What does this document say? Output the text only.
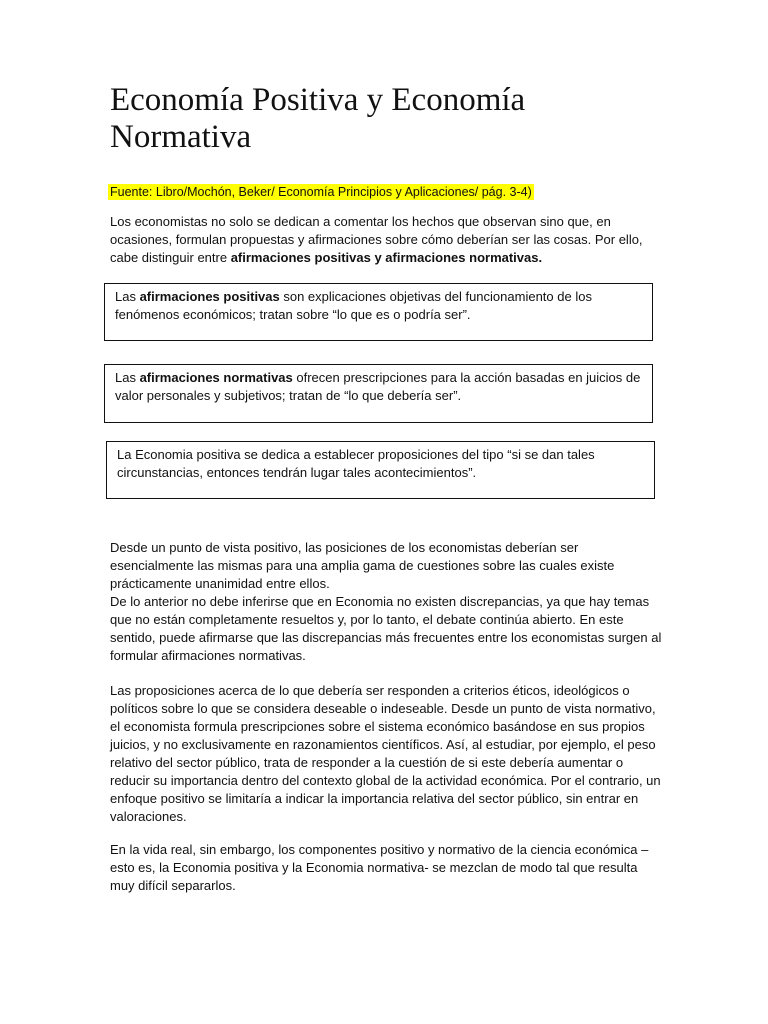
Economía Positiva y Economía Normativa
Fuente: Libro/Mochón, Beker/ Economía Principios y Aplicaciones/ pág. 3-4)

Los economistas no solo se dedican a comentar los hechos que observan sino que, en ocasiones, formulan propuestas y afirmaciones sobre cómo deberían ser las cosas. Por ello, cabe distinguir entre afirmaciones positivas y afirmaciones normativas.

Las afirmaciones positivas son explicaciones objetivas del funcionamiento de los fenómenos económicos; tratan sobre “lo que es o podría ser”.
Las afirmaciones normativas ofrecen prescripciones para la acción basadas en juicios de valor personales y subjetivos; tratan de “lo que debería ser”.
La Economia positiva se dedica a establecer proposiciones del tipo “si se dan tales circunstancias, entonces tendrán lugar tales acontecimientos”.
Desde un punto de vista positivo, las posiciones de los economistas deberían ser esencialmente las mismas para una amplia gama de cuestiones sobre las cuales existe prácticamente unanimidad entre ellos.
De lo anterior no debe inferirse que en Economia no existen discrepancias, ya que hay temas que no están completamente resueltos y, por lo tanto, el debate continúa abierto. En este sentido, puede afirmarse que las discrepancias más frecuentes entre los economistas surgen al formular afirmaciones normativas.

Las proposiciones acerca de lo que debería ser responden a criterios éticos, ideológicos o políticos sobre lo que se considera deseable o indeseable. Desde un punto de vista normativo, el economista formula prescripciones sobre el sistema económico basándose en sus propios juicios, y no exclusivamente en razonamientos científicos. Así, al estudiar, por ejemplo, el peso relativo del sector público, trata de responder a la cuestión de si este debería aumentar o reducir su importancia dentro del contexto global de la actividad económica. Por el contrario, un enfoque positivo se limitaría a indicar la importancia relativa del sector público, sin entrar en valoraciones.

En la vida real, sin embargo, los componentes positivo y normativo de la ciencia económica –esto es, la Economia positiva y la Economia normativa- se mezclan de modo tal que resulta muy difícil separarlos.
